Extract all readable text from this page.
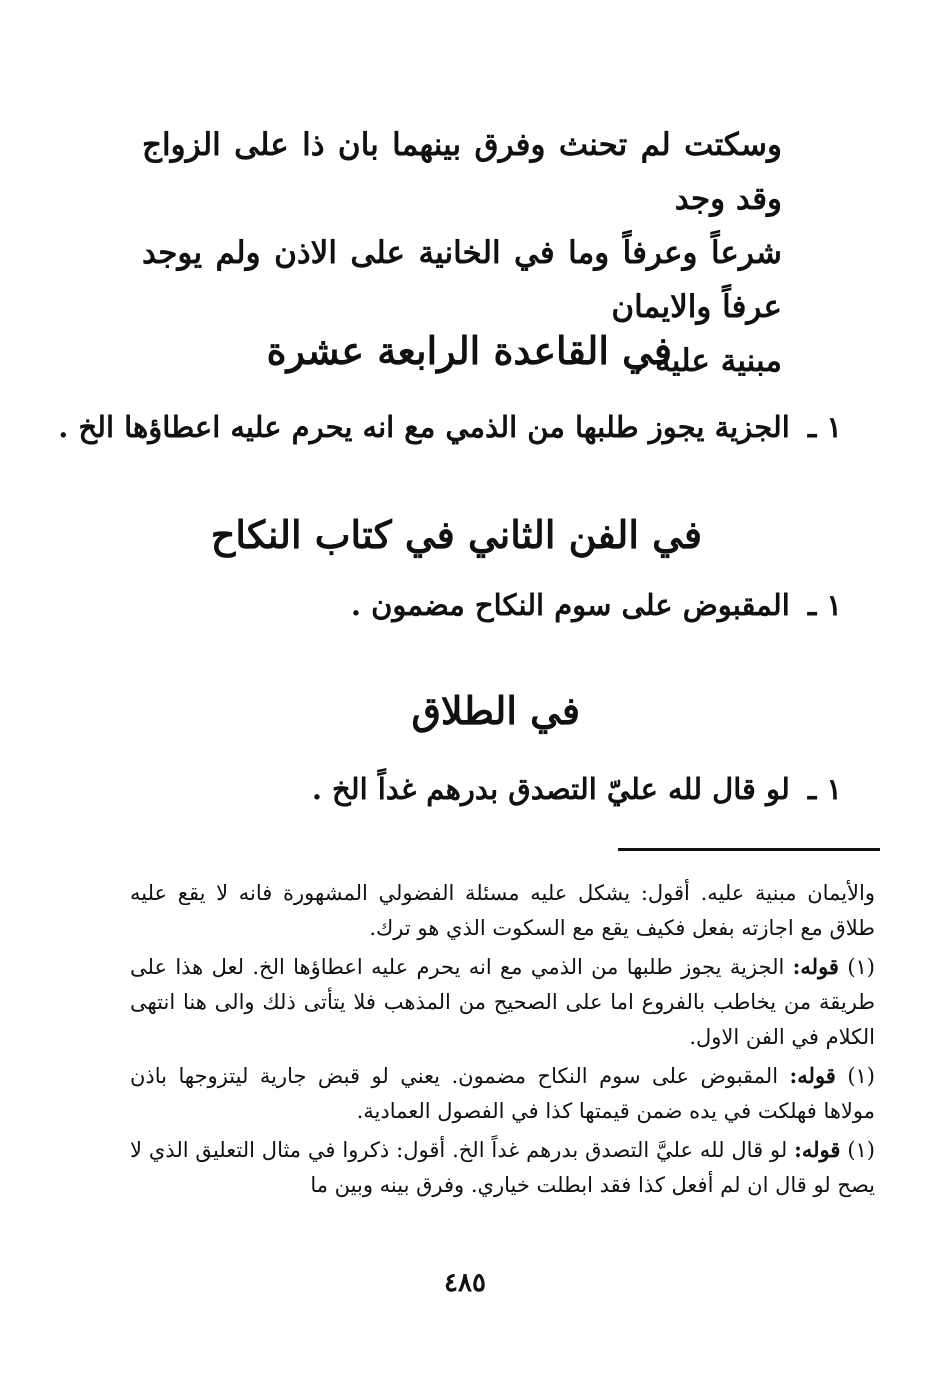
وسكتت لم تحنث وفرق بينهما بان ذا على الزواج وقد وجد

شرعاً وعرفاً وما في الخانية على الاذن ولم يوجد عرفاً والايمان

مبنية عليه .

في القاعدة الرابعة عشرة
١ ـالجزية يجوز طلبها من الذمي مع انه يحرم عليه اعطاؤها الخ .
في الفن الثاني في كتاب النكاح
١ ـالمقبوض على سوم النكاح مضمون .
في الطلاق
١ ـلو قال لله عليّ التصدق بدرهم غداً الخ .

والأيمان مبنية عليه. أقول: يشكل عليه مسئلة الفضولي المشهورة فانه لا يقع عليه طلاق مع اجازته بفعل فكيف يقع مع السكوت الذي هو ترك.

(١) قوله: الجزية يجوز طلبها من الذمي مع انه يحرم عليه اعطاؤها الخ. لعل هذا على طريقة من يخاطب بالفروع اما على الصحيح من المذهب فلا يتأتى ذلك والى هنا انتهى الكلام في الفن الاول.

(١) قوله: المقبوض على سوم النكاح مضمون. يعني لو قبض جارية ليتزوجها باذن مولاها فهلكت في يده ضمن قيمتها كذا في الفصول العمادية.

(١) قوله: لو قال لله عليَّ التصدق بدرهم غداً الخ. أقول: ذكروا في مثال التعليق الذي لا يصح لو قال ان لم أفعل كذا فقد ابطلت خياري. وفرق بينه وبين ما

٤٨٥
